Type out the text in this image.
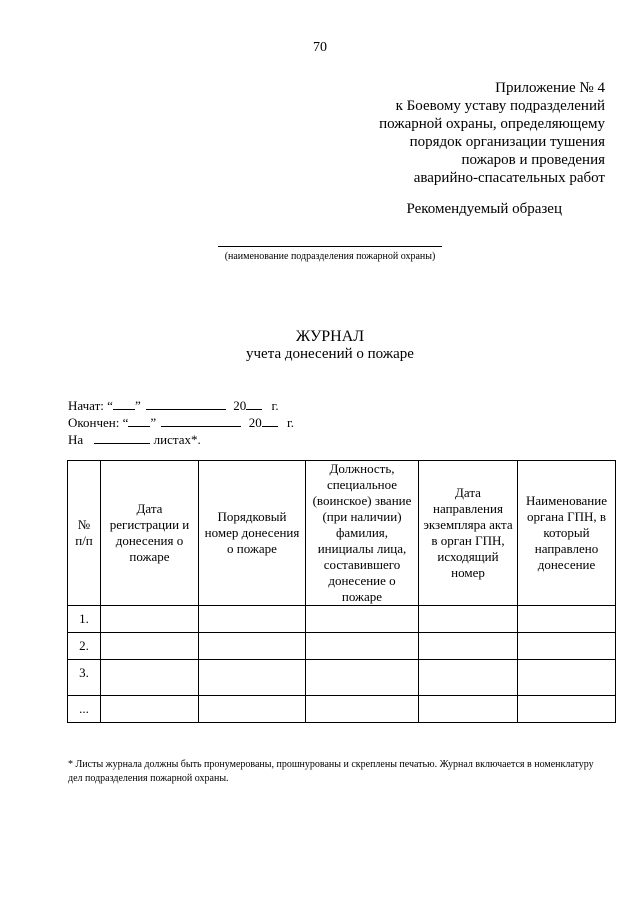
70
Приложение № 4
к Боевому уставу подразделений
пожарной охраны, определяющему
порядок организации тушения
пожаров и проведения
аварийно-спасательных работ
Рекомендуемый образец
(наименование подразделения пожарной охраны)
ЖУРНАЛ
учета донесений о пожаре
Начат: “ ”	20 г.
Окончен: “ ”	20 г.
На	листах*.
№ п/п	Дата регистрации и донесения о пожаре	Порядковый номер донесения о пожаре	Должность, специальное (воинское) звание (при наличии) фамилия, инициалы лица, составившего донесение о пожаре	Дата направления экземпляра акта в орган ГПН, исходящий номер	Наименование органа ГПН, в который направлено донесение
1.					
2.					
3.					
...					
* Листы журнала должны быть пронумерованы, прошнурованы и скреплены печатью. Журнал включается в номенклатуру дел подразделения пожарной охраны.
